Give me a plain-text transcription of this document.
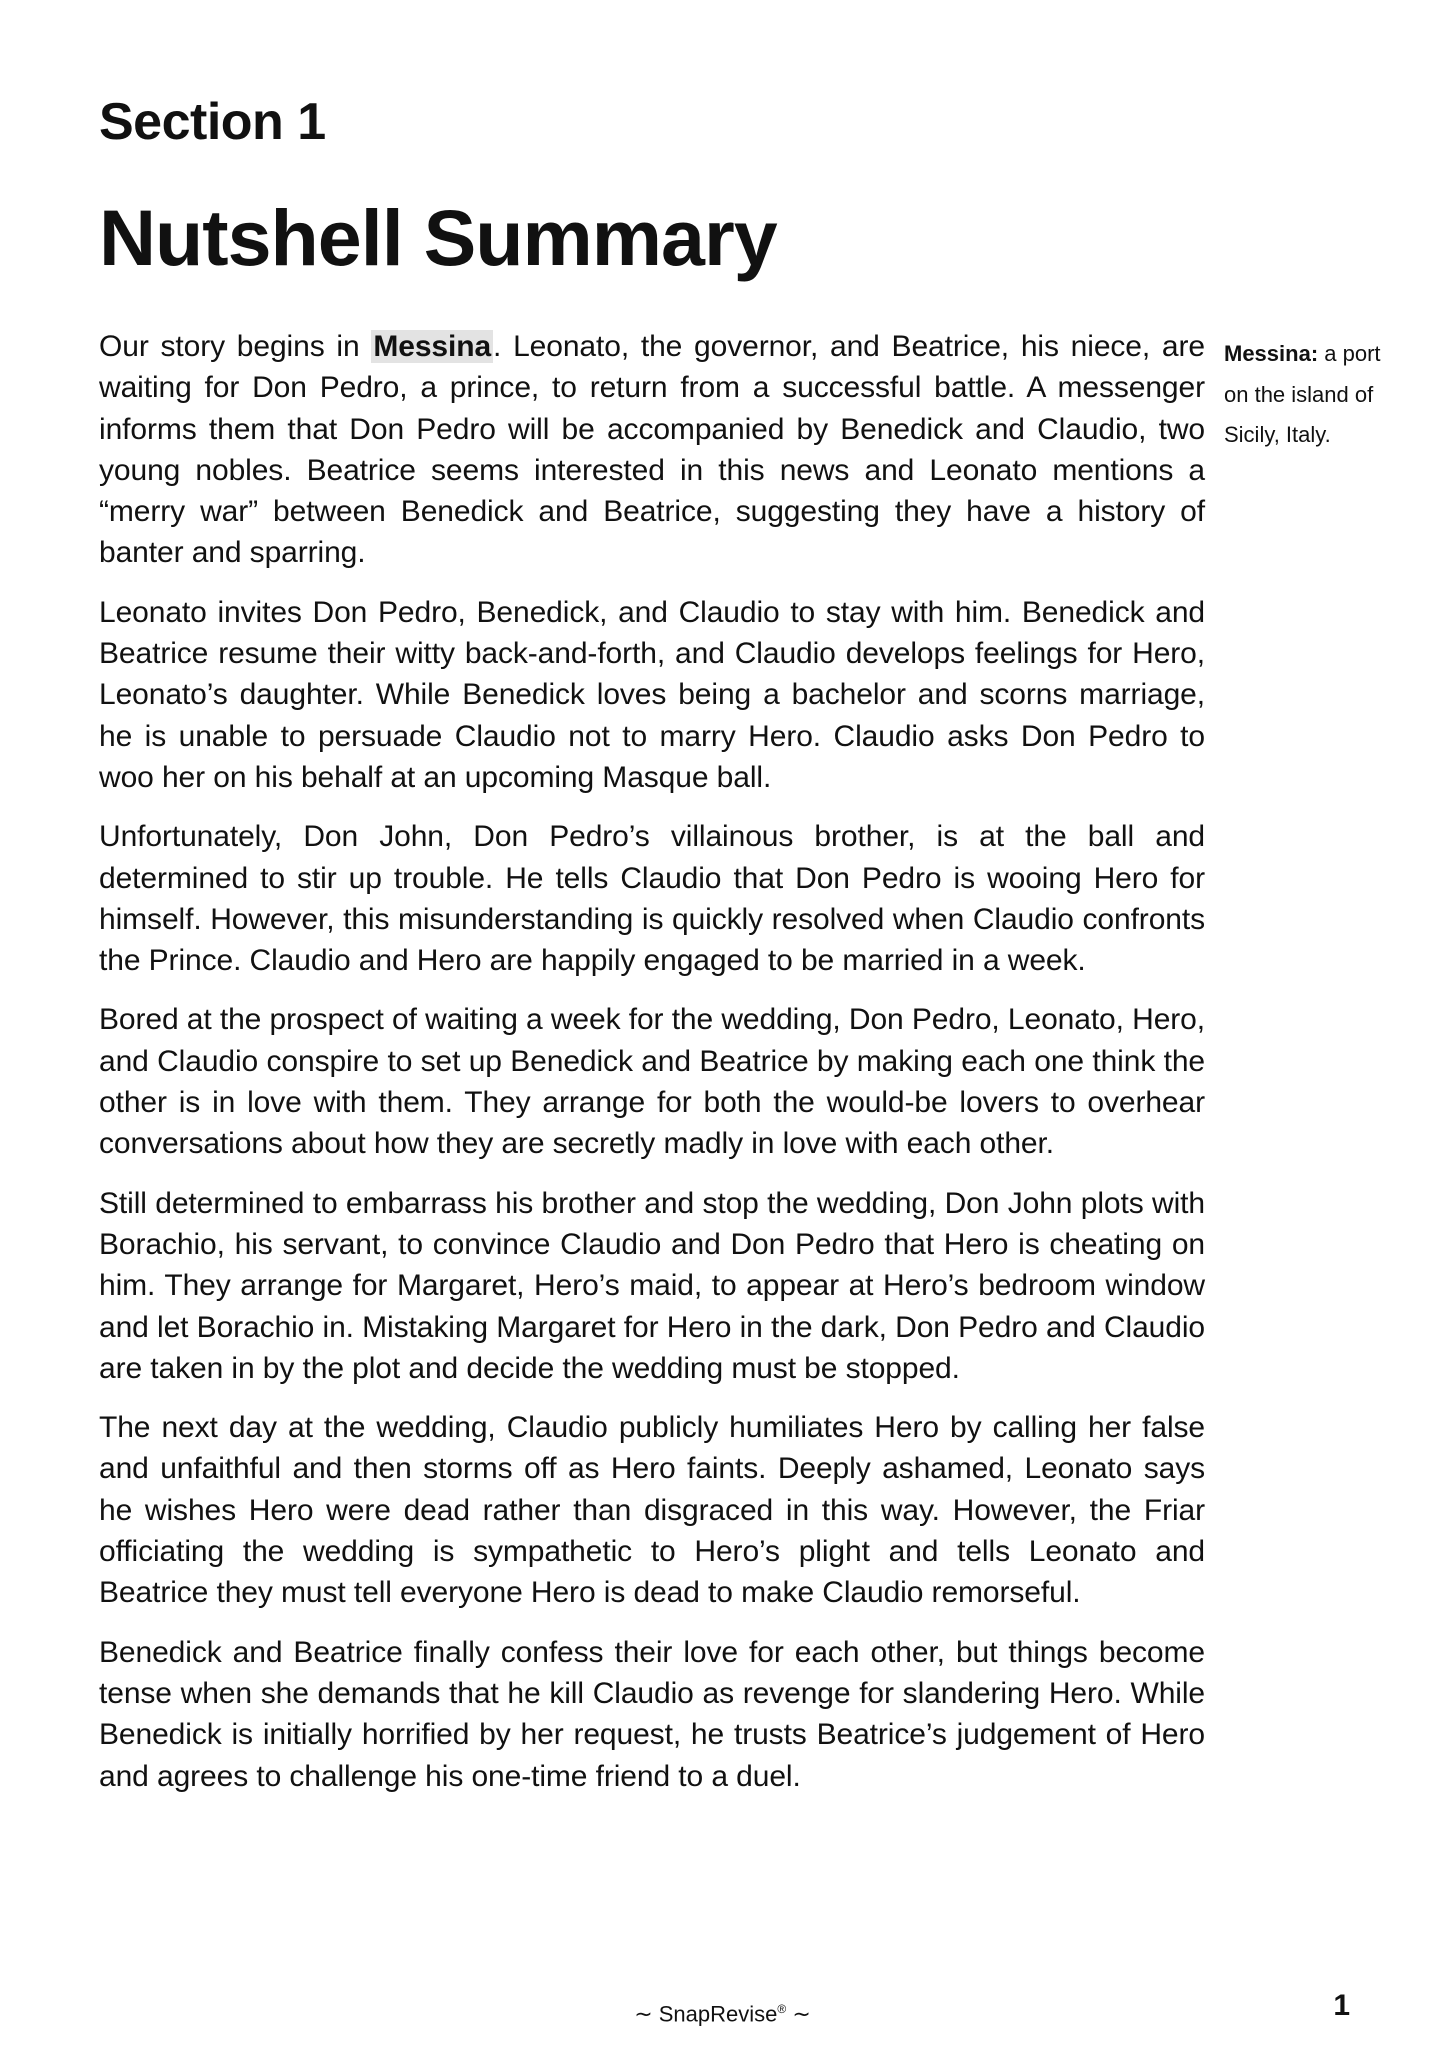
Section 1
Nutshell Summary

Our story begins in Messina. Leonato, the governor, and Beatrice, his niece, are waiting for Don Pedro, a prince, to return from a successful battle. A messenger informs them that Don Pedro will be accompanied by Benedick and Claudio, two young nobles. Beatrice seems interested in this news and Leonato mentions a “merry war” between Benedick and Beatrice, suggesting they have a history of banter and sparring.

Leonato invites Don Pedro, Benedick, and Claudio to stay with him. Benedick and Beatrice resume their witty back-and-forth, and Claudio develops feelings for Hero, Leonato’s daughter. While Benedick loves being a bachelor and scorns marriage, he is unable to persuade Claudio not to marry Hero. Claudio asks Don Pedro to woo her on his behalf at an upcoming Masque ball.

Unfortunately, Don John, Don Pedro’s villainous brother, is at the ball and determined to stir up trouble. He tells Claudio that Don Pedro is wooing Hero for himself. However, this misunderstanding is quickly resolved when Claudio confronts the Prince. Claudio and Hero are happily engaged to be married in a week.

Bored at the prospect of waiting a week for the wedding, Don Pedro, Leonato, Hero, and Claudio conspire to set up Benedick and Beatrice by making each one think the other is in love with them. They arrange for both the would-be lovers to overhear conversations about how they are secretly madly in love with each other.

Still determined to embarrass his brother and stop the wedding, Don John plots with Borachio, his servant, to convince Claudio and Don Pedro that Hero is cheating on him. They arrange for Margaret, Hero’s maid, to appear at Hero’s bedroom window and let Borachio in. Mistaking Margaret for Hero in the dark, Don Pedro and Claudio are taken in by the plot and decide the wedding must be stopped.

The next day at the wedding, Claudio publicly humiliates Hero by calling her false and unfaithful and then storms off as Hero faints. Deeply ashamed, Leonato says he wishes Hero were dead rather than disgraced in this way. However, the Friar officiating the wedding is sympathetic to Hero’s plight and tells Leonato and Beatrice they must tell everyone Hero is dead to make Claudio remorseful.

Benedick and Beatrice finally confess their love for each other, but things become tense when she demands that he kill Claudio as revenge for slandering Hero. While Benedick is initially horrified by her request, he trusts Beatrice’s judgement of Hero and agrees to challenge his one-time friend to a duel.

Messina: a port on the island of Sicily, Italy.
~ SnapRevise® ~	1
